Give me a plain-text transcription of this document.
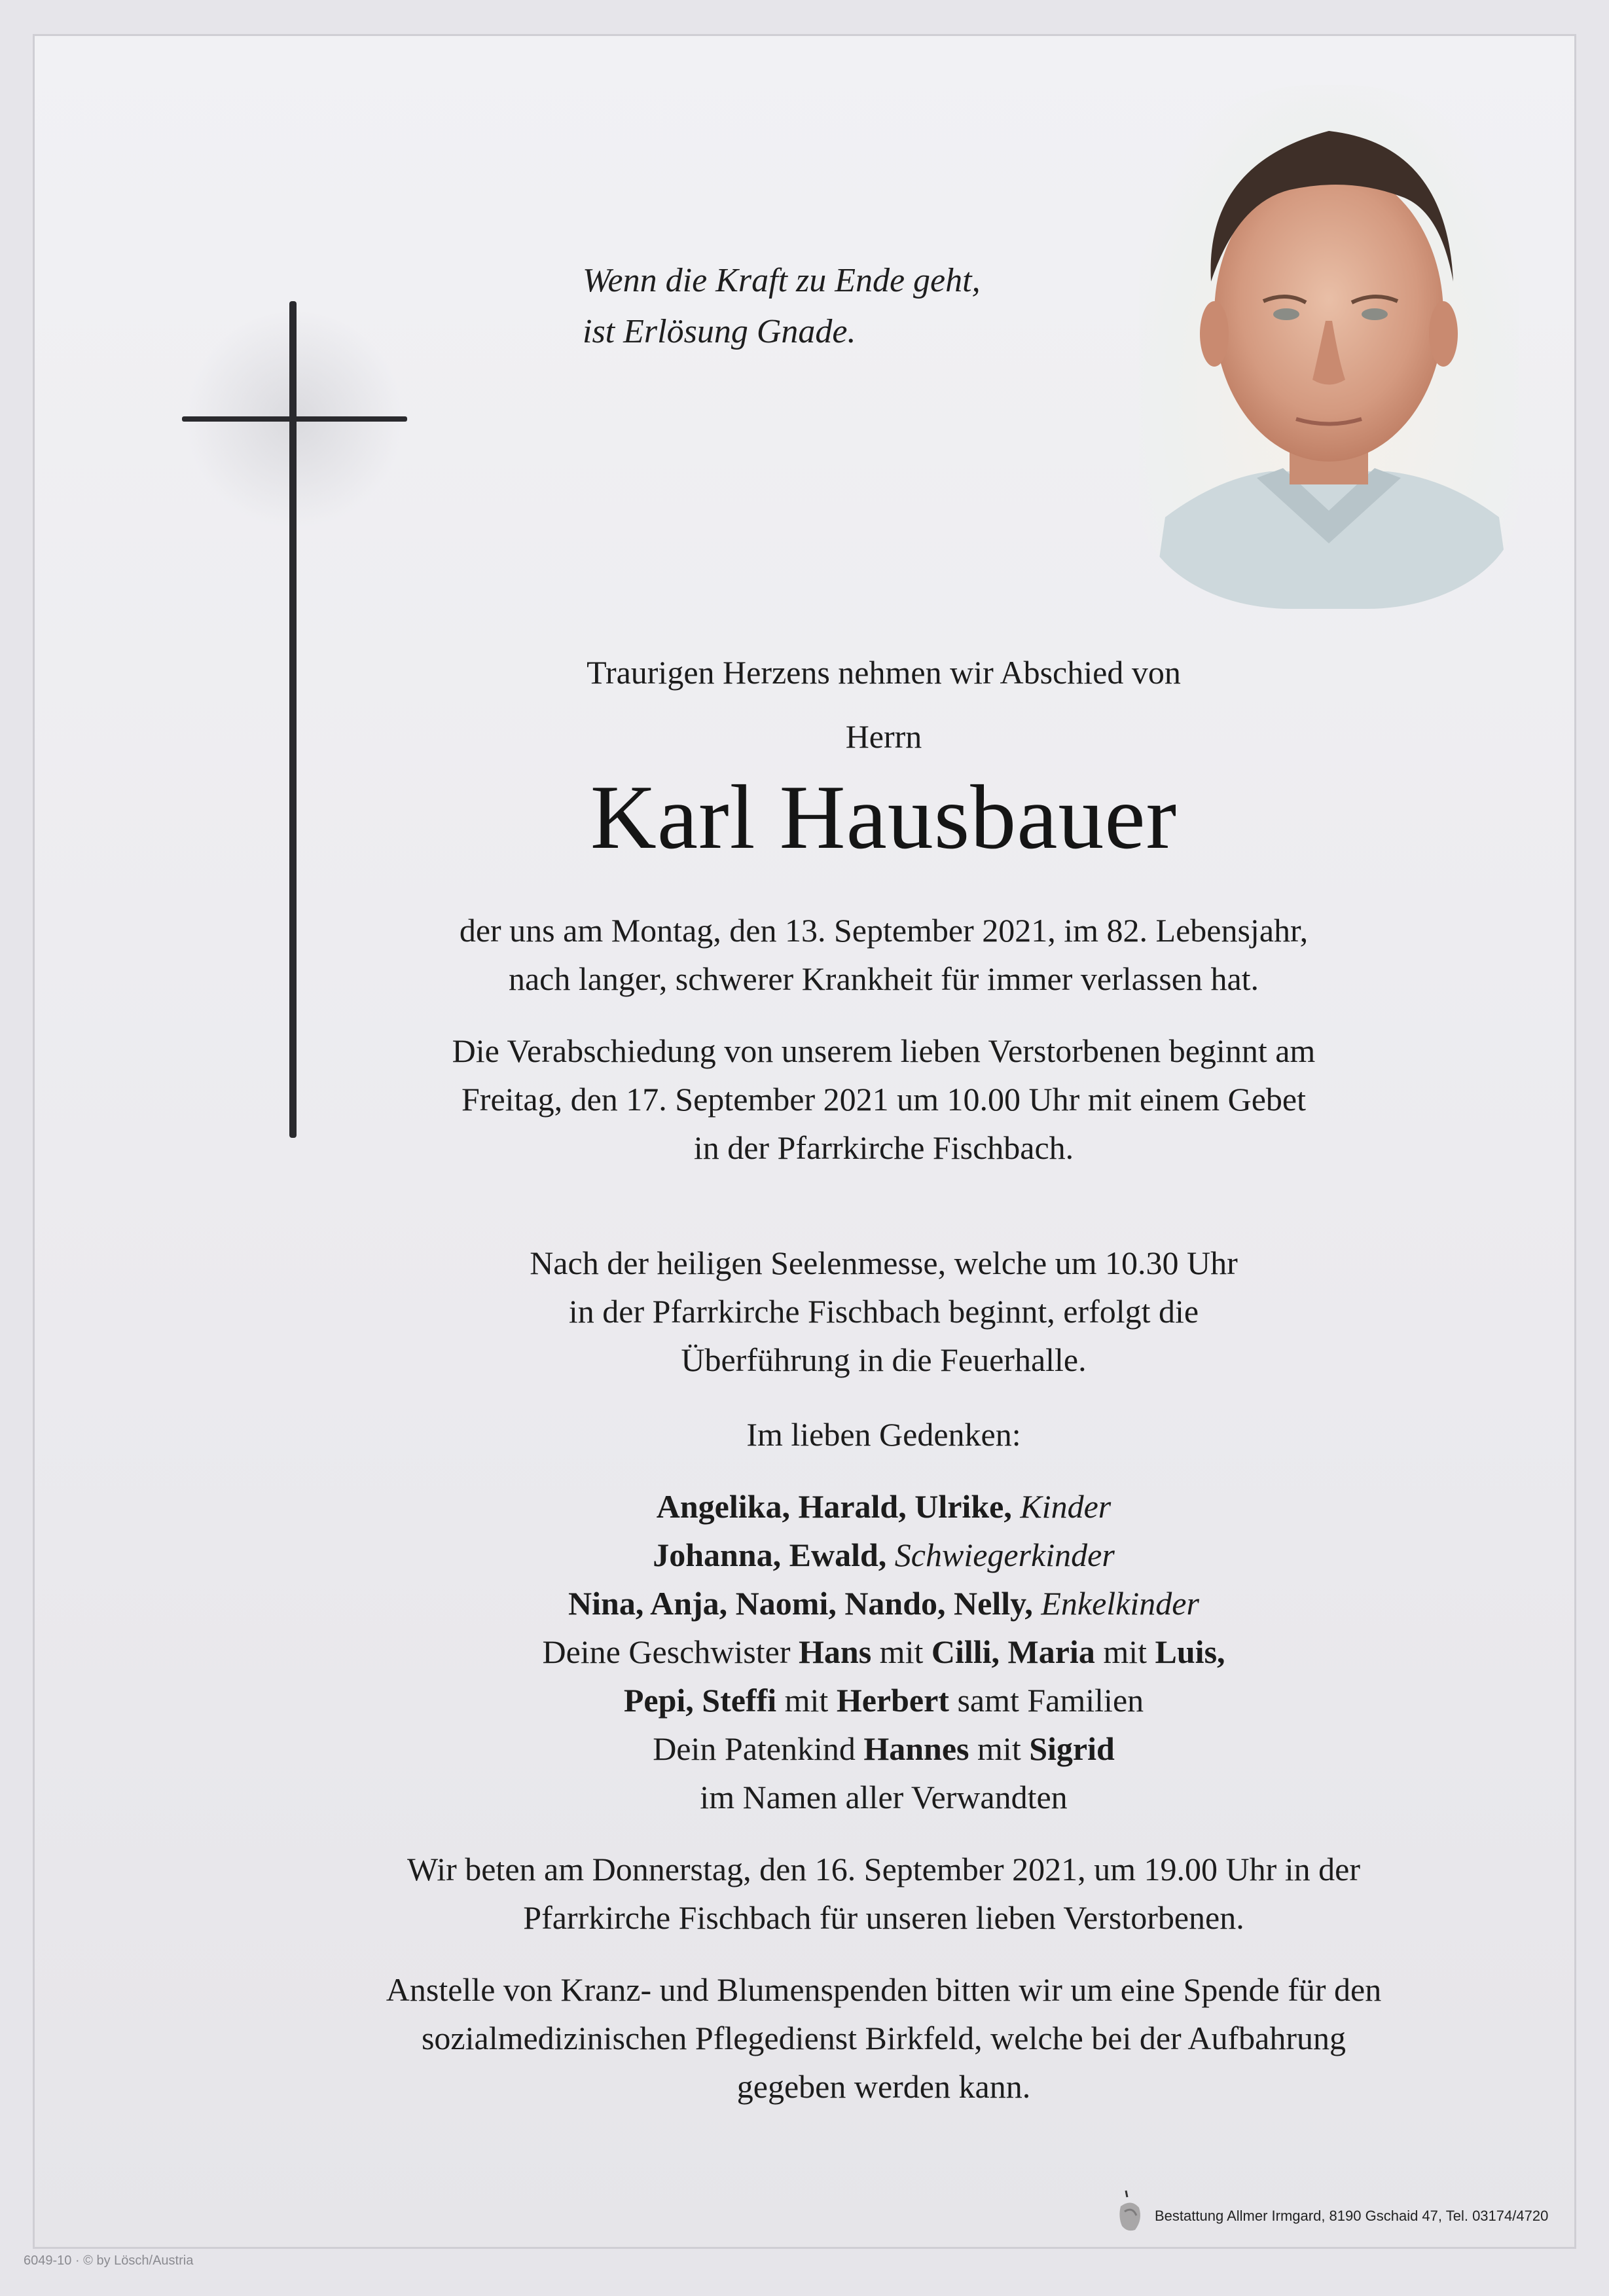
Wenn die Kraft zu Ende geht,
ist Erlösung Gnade.
Traurigen Herzens nehmen wir Abschied von
Herrn
Karl Hausbauer
der uns am Montag, den 13. September 2021, im 82. Lebensjahr,
nach langer, schwerer Krankheit für immer verlassen hat.
Die Verabschiedung von unserem lieben Verstorbenen beginnt am
Freitag, den 17. September 2021 um 10.00 Uhr mit einem Gebet
in der Pfarrkirche Fischbach.
Nach der heiligen Seelenmesse, welche um 10.30 Uhr
in der Pfarrkirche Fischbach beginnt, erfolgt die
Überführung in die Feuerhalle.
Im lieben Gedenken:
Angelika, Harald, Ulrike, Kinder
Johanna, Ewald, Schwiegerkinder
Nina, Anja, Naomi, Nando, Nelly, Enkelkinder
Deine Geschwister Hans mit Cilli, Maria mit Luis,
Pepi, Steffi mit Herbert samt Familien
Dein Patenkind Hannes mit Sigrid
im Namen aller Verwandten
Wir beten am Donnerstag, den 16. September 2021, um 19.00 Uhr in der
Pfarrkirche Fischbach für unseren lieben Verstorbenen.
Anstelle von Kranz- und Blumenspenden bitten wir um eine Spende für den
sozialmedizinischen Pflegedienst Birkfeld, welche bei der Aufbahrung
gegeben werden kann.
Bestattung Allmer Irmgard, 8190 Gschaid 47, Tel. 03174/4720
6049-10 · © by Lösch/Austria
